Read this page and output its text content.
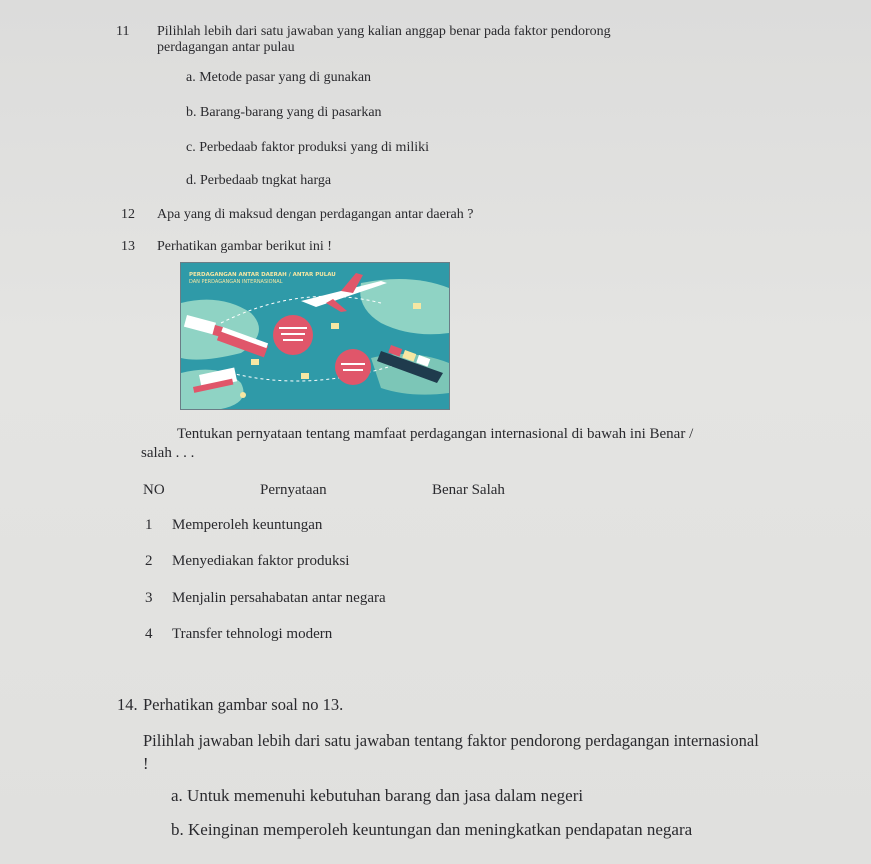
11 Pilihlah lebih dari satu jawaban yang kalian anggap benar pada faktor pendorong
perdagangan antar pulau
a. Metode pasar yang di gunakan
b. Barang-barang yang di pasarkan
c. Perbedaab faktor produksi yang di miliki
d. Perbedaab tngkat harga
12 Apa yang di maksud dengan perdagangan antar daerah ?
13 Perhatikan gambar berikut ini !
PERDAGANGAN ANTAR DAERAH / ANTAR PULAU
DAN PERDAGANGAN INTERNASIONAL
Tentukan pernyataan tentang mamfaat perdagangan internasional di bawah ini Benar /
salah . . .
NO	Pernyataan	Benar Salah
1 Memperoleh keuntungan
2 Menyediakan faktor produksi
3 Menjalin persahabatan antar negara
4 Transfer tehnologi modern
14. Perhatikan gambar soal no 13.
Pilihlah jawaban lebih dari satu jawaban tentang faktor pendorong perdagangan internasional
!
a. Untuk memenuhi kebutuhan barang dan jasa dalam negeri
b. Keinginan memperoleh keuntungan dan meningkatkan pendapatan negara
